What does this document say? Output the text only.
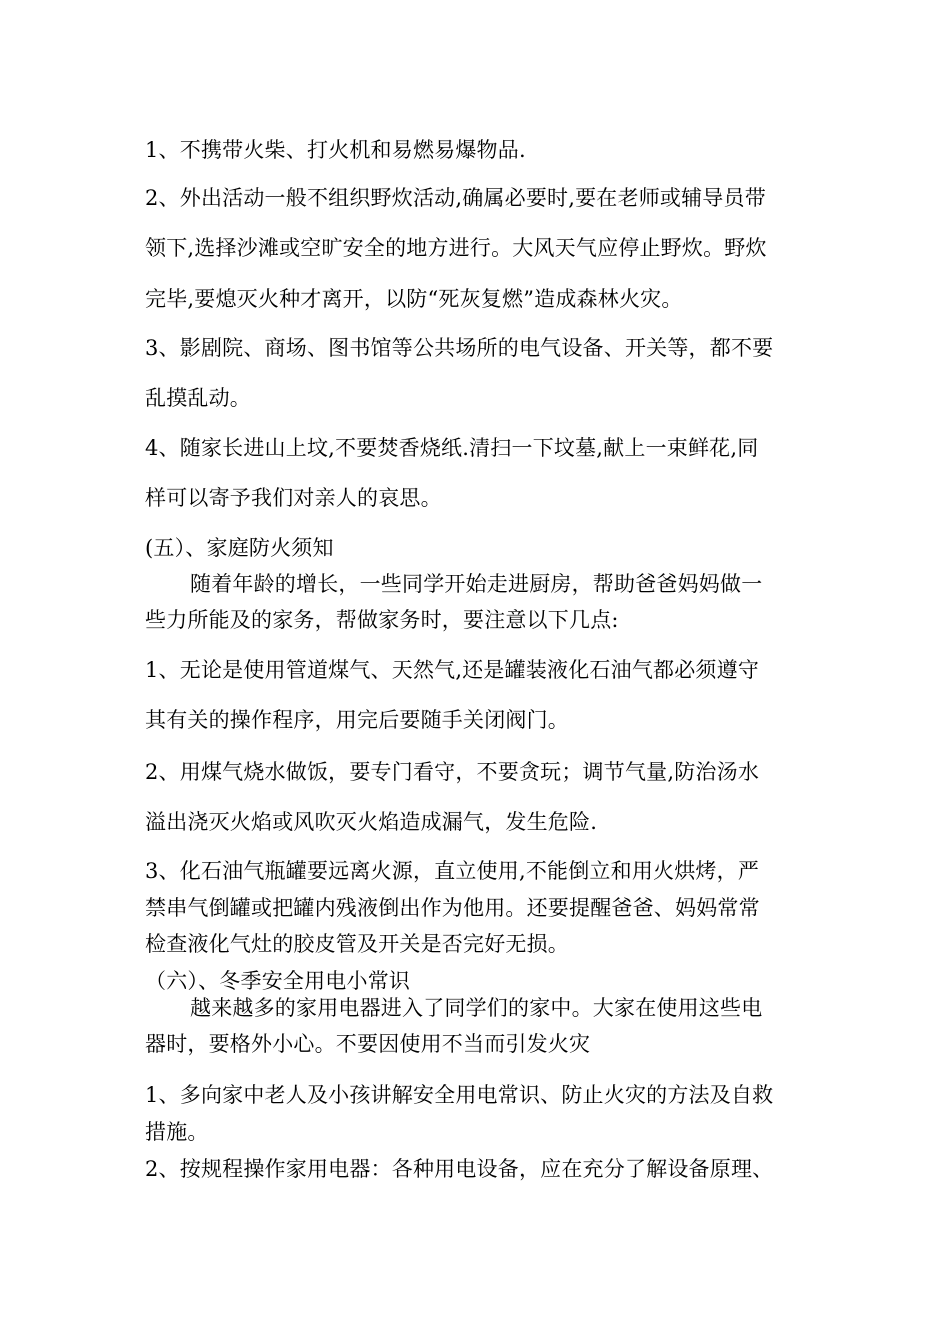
1、不携带火柴、打火机和易燃易爆物品.
2、外出活动一般不组织野炊活动,确属必要时,要在老师或辅导员带
领下,选择沙滩或空旷安全的地方进行。大风天气应停止野炊。野炊
完毕,要熄灭火种才离开，以防“死灰复燃”造成森林火灾。
3、影剧院、商场、图书馆等公共场所的电气设备、开关等，都不要
乱摸乱动。
4、随家长进山上坟,不要焚香烧纸.清扫一下坟墓,献上一束鲜花,同
样可以寄予我们对亲人的哀思。
(五）、家庭防火须知
随着年龄的增长，一些同学开始走进厨房，帮助爸爸妈妈做一
些力所能及的家务，帮做家务时，要注意以下几点:
1、无论是使用管道煤气、天然气,还是罐装液化石油气都必须遵守
其有关的操作程序，用完后要随手关闭阀门。
2、用煤气烧水做饭，要专门看守，不要贪玩；调节气量,防治汤水
溢出浇灭火焰或风吹灭火焰造成漏气，发生危险.
3、化石油气瓶罐要远离火源，直立使用,不能倒立和用火烘烤，严
禁串气倒罐或把罐内残液倒出作为他用。还要提醒爸爸、妈妈常常
检查液化气灶的胶皮管及开关是否完好无损。
（六）、冬季安全用电小常识
越来越多的家用电器进入了同学们的家中。大家在使用这些电
器时，要格外小心。不要因使用不当而引发火灾
1、多向家中老人及小孩讲解安全用电常识、防止火灾的方法及自救
措施。
2、按规程操作家用电器：各种用电设备，应在充分了解设备原理、
